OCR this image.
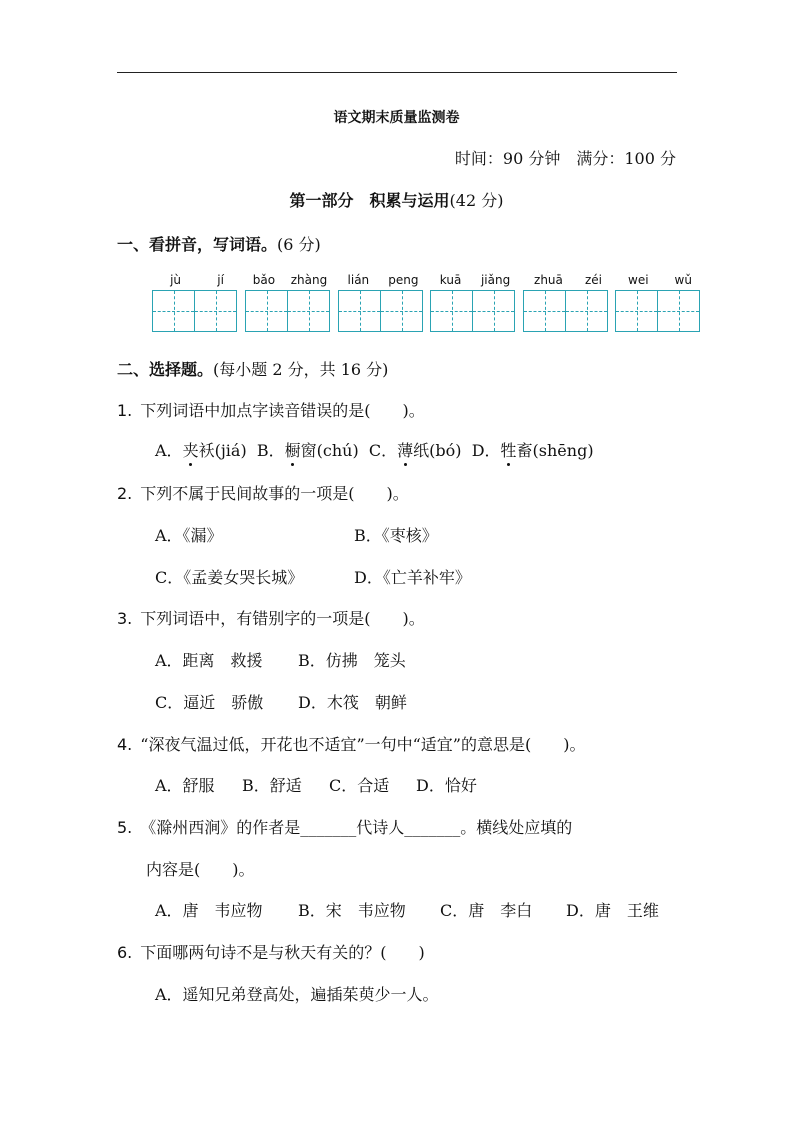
语文期末质量监测卷
时间：90 分钟 满分：100 分
第一部分　积累与运用(42 分)
一、看拼音，写词语。(6 分)
jù	jí bǎo zhàng lián peng kuā jiǎng zhuā zéi wei wǔ
二、选择题。(每小题 2 分，共 16 分)
1. 下列词语中加点字读音错误的是(　　)。
A．夹袄(jiá) B．橱窗(chú) C．薄纸(bó) D．牲畜(shēng)
2. 下列不属于民间故事的一项是(　　)。
A．《漏》	B．《枣核》
C．《孟姜女哭长城》	D．《亡羊补牢》
3. 下列词语中，有错别字的一项是(　　)。
A．距离　救援 B．仿拂　笼头
C．逼近　骄傲 D．木筏　朝鲜
4. “深夜气温过低，开花也不适宜”一句中“适宜”的意思是(　　)。
A．舒服 B．舒适 C．合适 D．恰好
5. 《滁州西涧》的作者是_______代诗人_______。横线处应填的
内容是(　　)。
A．唐　韦应物 B．宋　韦应物 C．唐　李白 D．唐　王维
6. 下面哪两句诗不是与秋天有关的？(　　)
A．遥知兄弟登高处，遍插茱萸少一人。
